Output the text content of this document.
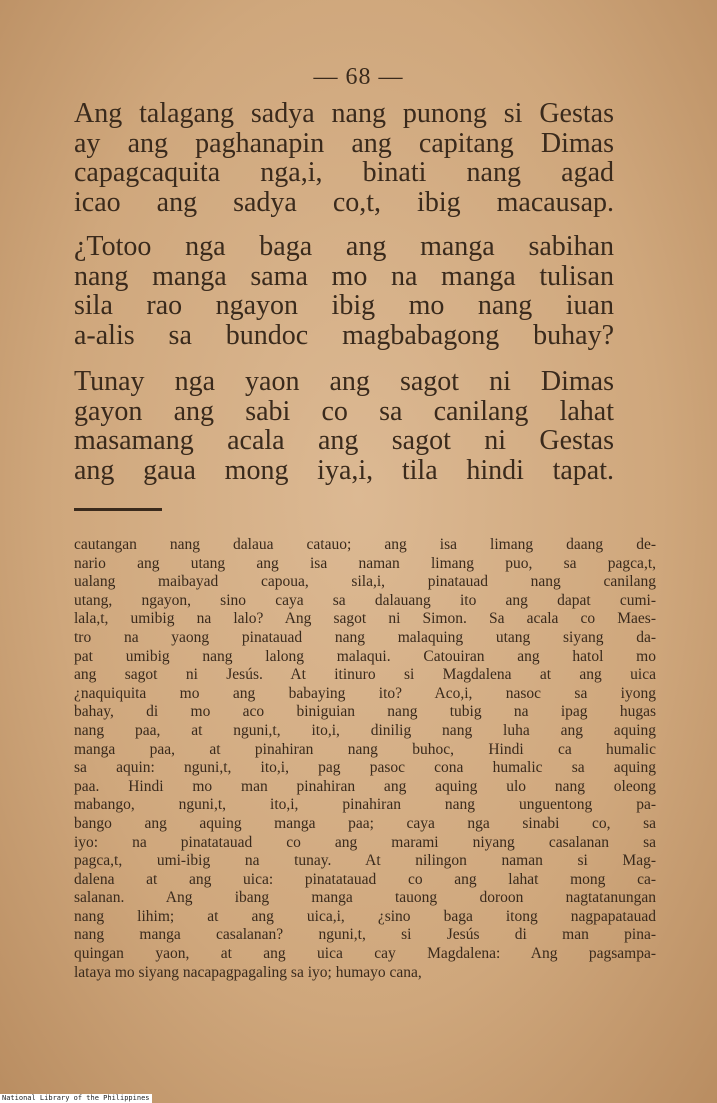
— 68 —
Ang talagang sadya nang punong si Gestas
ay ang paghanapin ang capitang Dimas
capagcaquita nga,i, binati nang agad
icao ang sadya co,t, ibig macausap.
¿Totoo nga baga ang manga sabihan
nang manga sama mo na manga tulisan
sila rao ngayon ibig mo nang iuan
a-alis sa bundoc magbabagong buhay?
Tunay nga yaon ang sagot ni Dimas
gayon ang sabi co sa canilang lahat
masamang acala ang sagot ni Gestas
ang gaua mong iya,i, tila hindi tapat.
cautangan nang dalaua catauo; ang isa limang daang de-
nario ang utang ang isa naman limang puo, sa pagca,t,
ualang maibayad capoua, sila,i, pinatauad nang canilang
utang, ngayon, sino caya sa dalauang ito ang dapat cumi-
lala,t, umibig na lalo? Ang sagot ni Simon. Sa acala co Maes-
tro na yaong pinatauad nang malaquing utang siyang da-
pat umibig nang lalong malaqui. Catouiran ang hatol mo
ang sagot ni Jesús. At itinuro si Magdalena at ang uica
¿naquiquita mo ang babaying ito? Aco,i, nasoc sa iyong
bahay, di mo aco biniguian nang tubig na ipag hugas
nang paa, at nguni,t, ito,i, dinilig nang luha ang aquing
manga paa, at pinahiran nang buhoc, Hindi ca humalic
sa aquin: nguni,t, ito,i, pag pasoc cona humalic sa aquing
paa. Hindi mo man pinahiran ang aquing ulo nang oleong
mabango, nguni,t, ito,i, pinahiran nang unguentong pa-
bango ang aquing manga paa; caya nga sinabi co, sa
iyo: na pinatatauad co ang marami niyang casalanan sa
pagca,t, umi-ibig na tunay. At nilingon naman si Mag-
dalena at ang uica: pinatatauad co ang lahat mong ca-
salanan. Ang ibang manga tauong doroon nagtatanungan
nang lihim; at ang uica,i, ¿sino baga itong nagpapatauad
nang manga casalanan? nguni,t, si Jesús di man pina-
quingan yaon, at ang uica cay Magdalena: Ang pagsampa-
lataya mo siyang nacapagpagaling sa iyo; humayo cana,
National Library of the Philippines
